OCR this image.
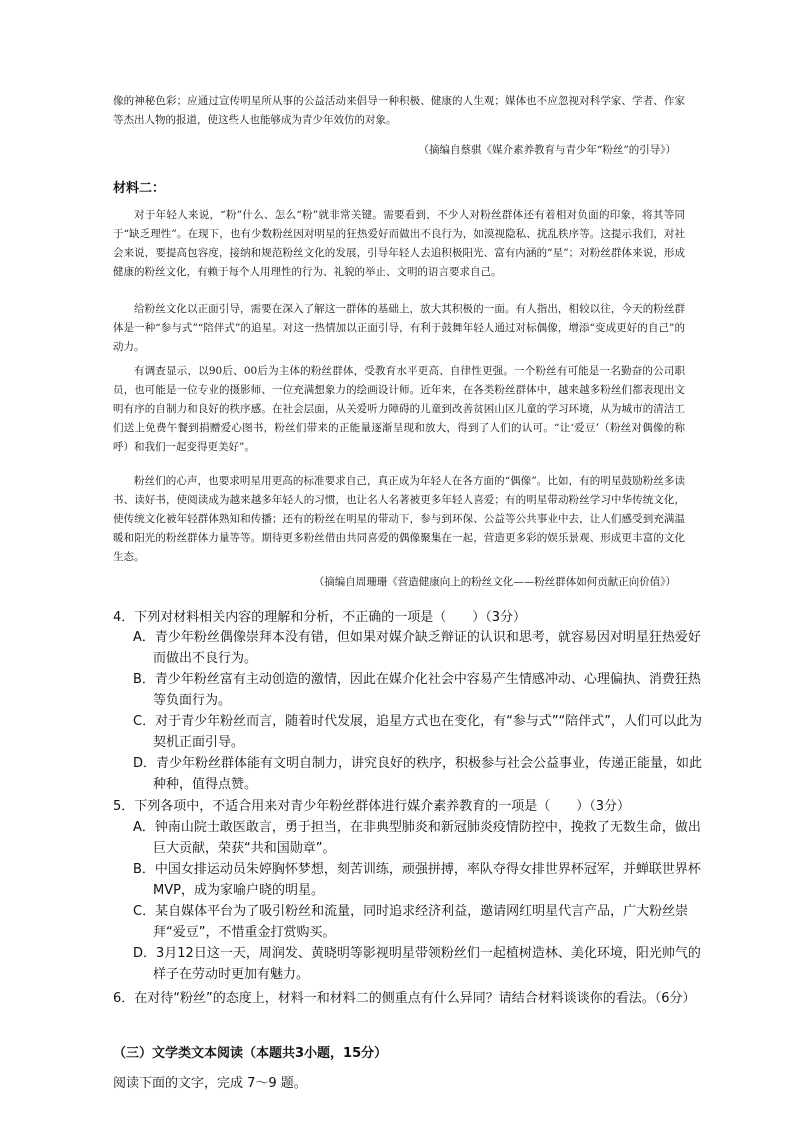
像的神秘色彩；应通过宣传明星所从事的公益活动来倡导一种积极、健康的人生观；媒体也不应忽视对科学家、学者、作家等杰出人物的报道，使这些人也能够成为青少年效仿的对象。

（摘编自蔡骐《媒介素养教育与青少年“粉丝”的引导》）

材料二：

对于年轻人来说，“粉”什么、怎么“粉”就非常关键。需要看到，不少人对粉丝群体还有着相对负面的印象，将其等同于“缺乏理性”。在现下，也有少数粉丝因对明星的狂热爱好而做出不良行为，如漠视隐私、扰乱秩序等。这提示我们，对社会来说，要提高包容度，接纳和规范粉丝文化的发展，引导年轻人去追积极阳光、富有内涵的“星”；对粉丝群体来说，形成健康的粉丝文化，有赖于每个人用理性的行为、礼貌的举止、文明的语言要求自己。

给粉丝文化以正面引导，需要在深入了解这一群体的基础上，放大其积极的一面。有人指出，相较以往，今天的粉丝群体是一种“参与式”“陪伴式”的追星。对这一热情加以正面引导，有利于鼓舞年轻人通过对标偶像，增添“变成更好的自己”的动力。

有调查显示，以90后、00后为主体的粉丝群体，受教育水平更高、自律性更强。一个粉丝有可能是一名勤奋的公司职员，也可能是一位专业的摄影师、一位充满想象力的绘画设计师。近年来，在各类粉丝群体中，越来越多粉丝们都表现出文明有序的自制力和良好的秩序感。在社会层面，从关爱听力障碍的儿童到改善贫困山区儿童的学习环境，从为城市的清洁工们送上免费午餐到捐赠爱心图书，粉丝们带来的正能量逐渐呈现和放大，得到了人们的认可。“让‘爱豆’（粉丝对偶像的称呼）和我们一起变得更美好”。

粉丝们的心声，也要求明星用更高的标准要求自己，真正成为年轻人在各方面的“偶像”。比如，有的明星鼓励粉丝多读书、读好书，使阅读成为越来越多年轻人的习惯，也让名人名著被更多年轻人喜爱；有的明星带动粉丝学习中华传统文化，使传统文化被年轻群体熟知和传播；还有的粉丝在明星的带动下，参与到环保、公益等公共事业中去，让人们感受到充满温暖和阳光的粉丝群体力量等等。期待更多粉丝借由共同喜爱的偶像聚集在一起，营造更多彩的娱乐景观、形成更丰富的文化生态。

（摘编自周珊珊《营造健康向上的粉丝文化——粉丝群体如何贡献正向价值》）

4．下列对材料相关内容的理解和分析，不正确的一项是（　　）（3分）

A．青少年粉丝偶像崇拜本没有错，但如果对媒介缺乏辩证的认识和思考，就容易因对明星狂热爱好而做出不良行为。

B．青少年粉丝富有主动创造的激情，因此在媒介化社会中容易产生情感冲动、心理偏执、消费狂热等负面行为。

C．对于青少年粉丝而言，随着时代发展，追星方式也在变化，有“参与式”“陪伴式”，人们可以此为契机正面引导。

D．青少年粉丝群体能有文明自制力，讲究良好的秩序，积极参与社会公益事业，传递正能量，如此种种，值得点赞。

5．下列各项中，不适合用来对青少年粉丝群体进行媒介素养教育的一项是（　　）（3分）

A．钟南山院士敢医敢言，勇于担当，在非典型肺炎和新冠肺炎疫情防控中，挽救了无数生命，做出巨大贡献，荣获“共和国勋章”。

B．中国女排运动员朱婷胸怀梦想，刻苦训练，顽强拼搏，率队夺得女排世界杯冠军，并蝉联世界杯 MVP，成为家喻户晓的明星。

C．某自媒体平台为了吸引粉丝和流量，同时追求经济利益，邀请网红明星代言产品，广大粉丝崇拜“爱豆”，不惜重金打赏购买。

D．3月12日这一天，周润发、黄晓明等影视明星带领粉丝们一起植树造林、美化环境，阳光帅气的样子在劳动时更加有魅力。

6．在对待“粉丝”的态度上，材料一和材料二的侧重点有什么异同？请结合材料谈谈你的看法。（6分）

（三）文学类文本阅读（本题共3小题，15分）

阅读下面的文字，完成 7～9 题。
